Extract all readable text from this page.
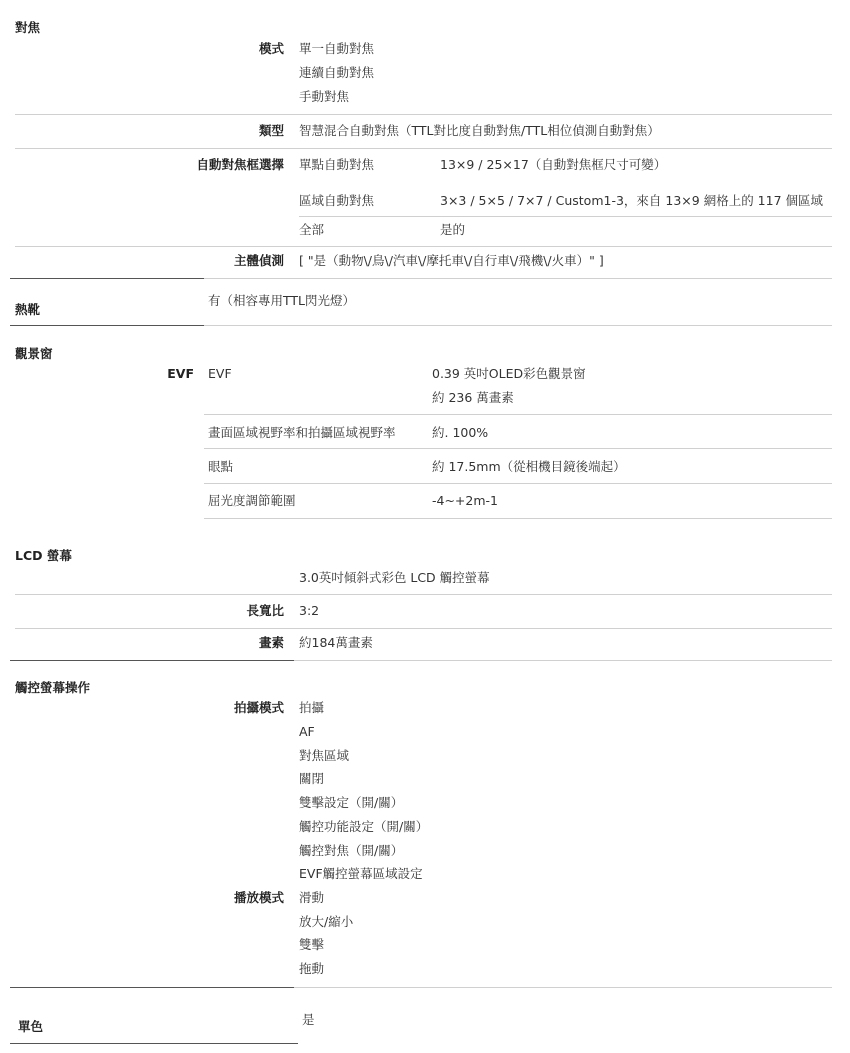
對焦
模式 單一自動對焦
連續自動對焦
手動對焦
類型 智慧混合自動對焦（TTL對比度自動對焦/TTL相位偵測自動對焦）
自動對焦框選擇 單點自動對焦	13×9 / 25×17（自動對焦框尺寸可變）
區域自動對焦	3×3 / 5×5 / 7×7 / Custom1-3，來自 13×9 網格上的 117 個區域
全部	是的
主體偵測 [ "是（動物\/鳥\/汽車\/摩托車\/自行車\/飛機\/火車）" ]
有（相容專用TTL閃光燈）
熱靴
觀景窗
EVF EVF	0.39 英吋OLED彩色觀景窗
約 236 萬畫素
畫面區域視野率和拍攝區域視野率	約. 100%
眼點	約 17.5mm（從相機目鏡後端起）
屈光度調節範圍	-4~+2m-1
LCD 螢幕
3.0英吋傾斜式彩色 LCD 觸控螢幕
長寬比 3:2
畫素 約184萬畫素
觸控螢幕操作
拍攝模式 拍攝
AF
對焦區域
關閉
雙擊設定（開/關）
觸控功能設定（開/關）
觸控對焦（開/關）
EVF觸控螢幕區域設定
播放模式 滑動
放大/縮小
雙擊
拖動
是
單色
